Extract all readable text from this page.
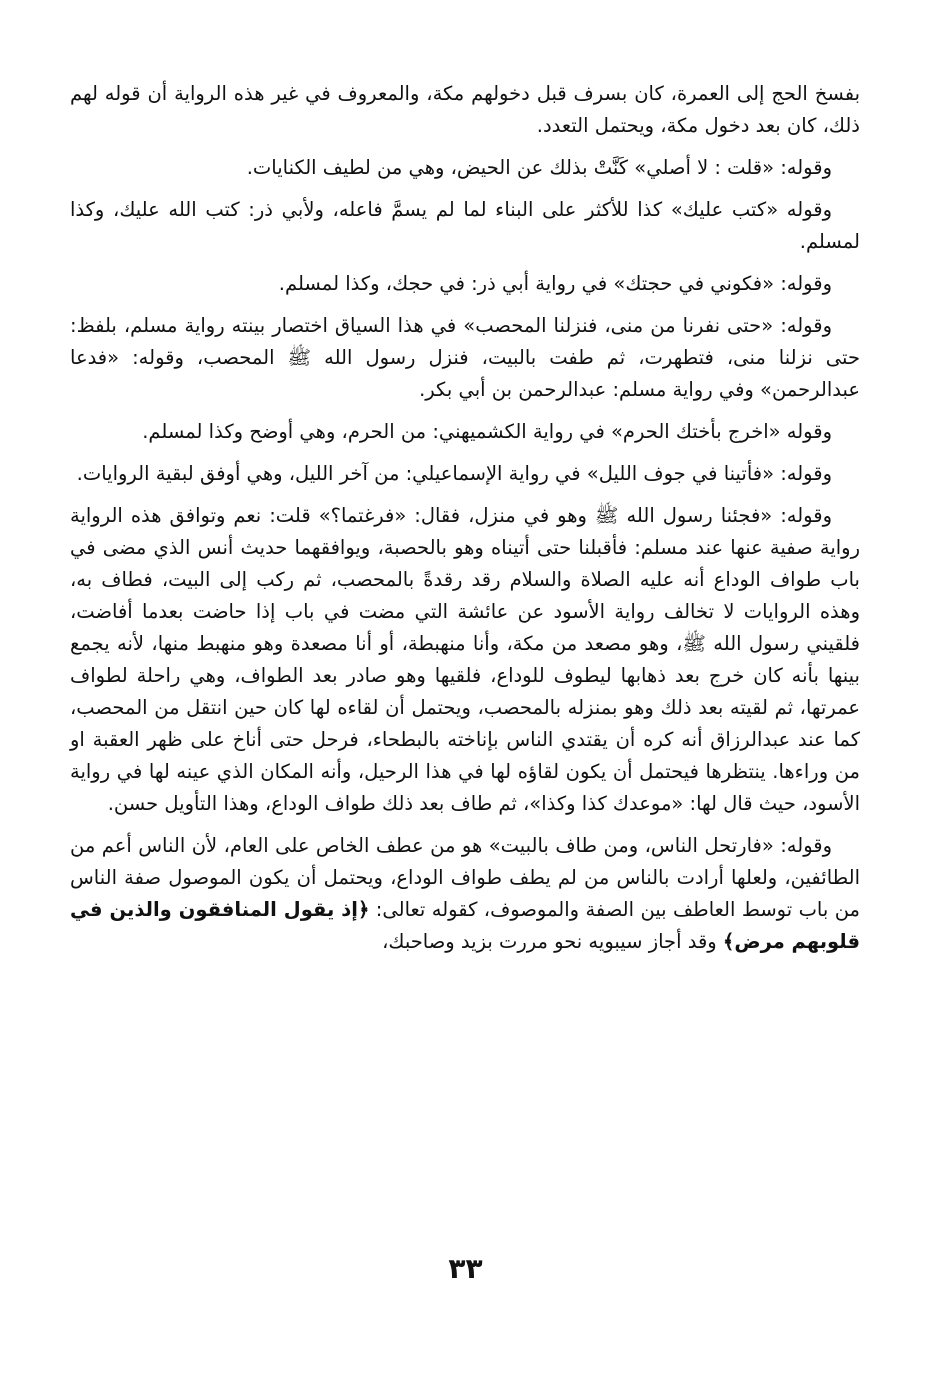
بفسخ الحج إلى العمرة، كان بسرف قبل دخولهم مكة، والمعروف في غير هذه الرواية أن قوله لهم ذلك، كان بعد دخول مكة، ويحتمل التعدد.

وقوله: «قلت : لا أصلي» كَنَّتْ بذلك عن الحيض، وهي من لطيف الكنايات.

وقوله «كتب عليك» كذا للأكثر على البناء لما لم يسمَّ فاعله، ولأبي ذر: كتب الله عليك، وكذا لمسلم.

وقوله: «فكوني في حجتك» في رواية أبي ذر: في حجك، وكذا لمسلم.

وقوله: «حتى نفرنا من منى، فنزلنا المحصب» في هذا السياق اختصار بينته رواية مسلم، بلفظ: حتى نزلنا منى، فتطهرت، ثم طفت بالبيت، فنزل رسول الله ﷺ المحصب، وقوله: «فدعا عبدالرحمن» وفي رواية مسلم: عبدالرحمن بن أبي بكر.

وقوله «اخرج بأختك الحرم» في رواية الكشميهني: من الحرم، وهي أوضح وكذا لمسلم.

وقوله: «فأتينا في جوف الليل» في رواية الإسماعيلي: من آخر الليل، وهي أوفق لبقية الروايات.

وقوله: «فجئنا رسول الله ﷺ وهو في منزل، فقال: «فرغتما؟» قلت: نعم وتوافق هذه الرواية رواية صفية عنها عند مسلم: فأقبلنا حتى أتيناه وهو بالحصبة، ويوافقهما حديث أنس الذي مضى في باب طواف الوداع أنه عليه الصلاة والسلام رقد رقدةً بالمحصب، ثم ركب إلى البيت، فطاف به، وهذه الروايات لا تخالف رواية الأسود عن عائشة التي مضت في باب إذا حاضت بعدما أفاضت، فلقيني رسول الله ﷺ، وهو مصعد من مكة، وأنا منهبطة، أو أنا مصعدة وهو منهبط منها، لأنه يجمع بينها بأنه كان خرج بعد ذهابها ليطوف للوداع، فلقيها وهو صادر بعد الطواف، وهي راحلة لطواف عمرتها، ثم لقيته بعد ذلك وهو بمنزله بالمحصب، ويحتمل أن لقاءه لها كان حين انتقل من المحصب، كما عند عبدالرزاق أنه كره أن يقتدي الناس بإناخته بالبطحاء، فرحل حتى أناخ على ظهر العقبة او من وراءها. ينتظرها فيحتمل أن يكون لقاؤه لها في هذا الرحيل، وأنه المكان الذي عينه لها في رواية الأسود، حيث قال لها: «موعدك كذا وكذا»، ثم طاف بعد ذلك طواف الوداع، وهذا التأويل حسن.

وقوله: «فارتحل الناس، ومن طاف بالبيت» هو من عطف الخاص على العام، لأن الناس أعم من الطائفين، ولعلها أرادت بالناس من لم يطف طواف الوداع، ويحتمل أن يكون الموصول صفة الناس من باب توسط العاطف بين الصفة والموصوف، كقوله تعالى: ﴿إذ يقول المنافقون والذين في قلوبهم مرض﴾ وقد أجاز سيبويه نحو مررت بزيد وصاحبك،

٣٣
